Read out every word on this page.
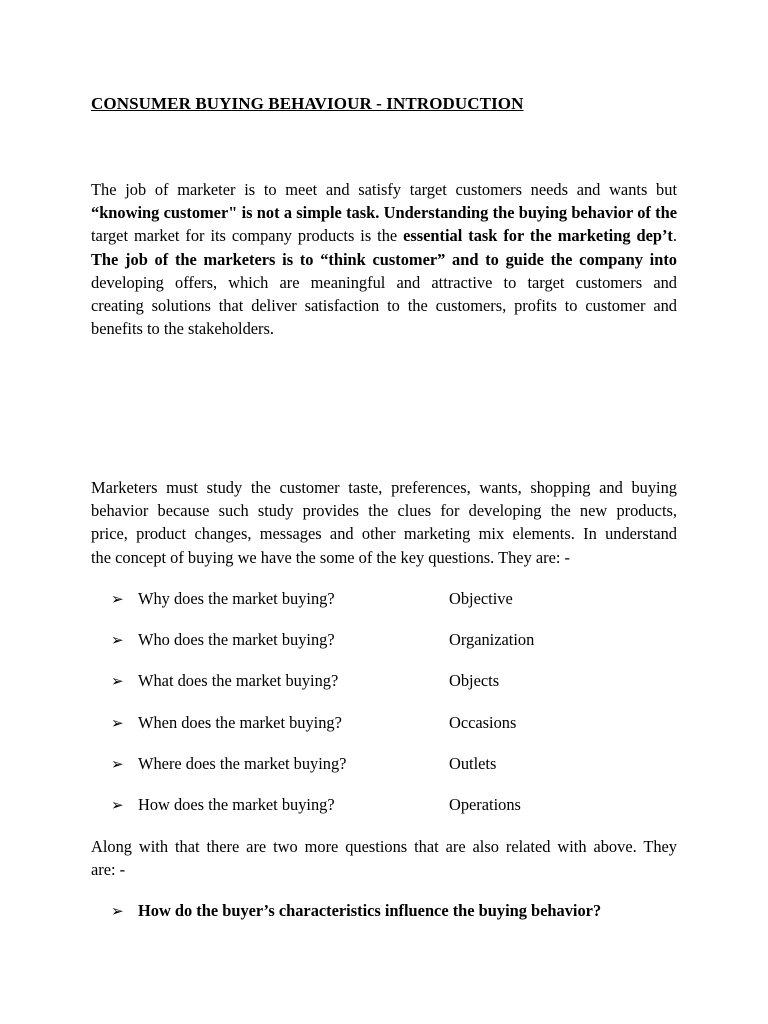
CONSUMER BUYING BEHAVIOUR - INTRODUCTION
The job of marketer is to meet and satisfy target customers needs and wants but
“knowing customer" is not a simple task. Understanding the buying behavior of the
target market for its company products is the essential task for the marketing dep’t.
The job of the marketers is to “think customer” and to guide the company into
developing offers, which are meaningful and attractive to target customers and
creating solutions that deliver satisfaction to the customers, profits to customer and
benefits to the stakeholders.
Marketers must study the customer taste, preferences, wants, shopping and buying
behavior because such study provides the clues for developing the new products,
price, product changes, messages and other marketing mix elements. In understand
the concept of buying we have the some of the key questions. They are: -
➢ Why does the market buying?	Objective
➢ Who does the market buying?	Organization
➢ What does the market buying?	Objects
➢ When does the market buying?	Occasions
➢ Where does the market buying?	Outlets
➢ How does the market buying?	Operations
Along with that there are two more questions that are also related with above. They
are: -
➢ How do the buyer’s characteristics influence the buying behavior?
